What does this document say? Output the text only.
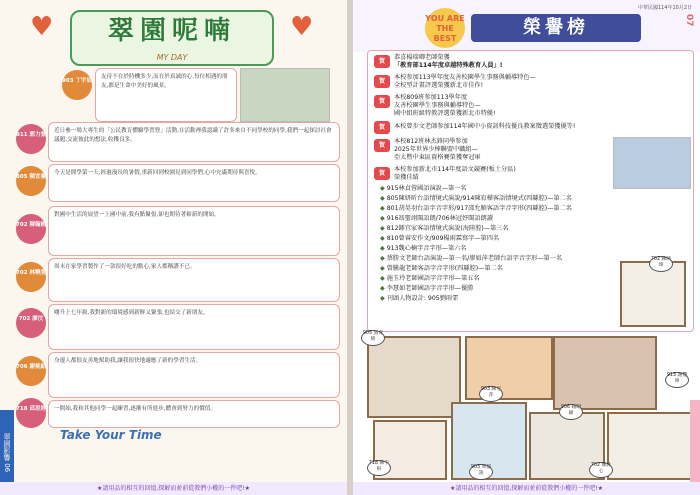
♥	♥
翠園呢喃
MY DAY

友待不在於時機多少,而在於真誠的心,每位相遇的朋友,都是生命中美好的風景。

903 丁宇辰

近日參一場大專生的「公民教育體驗學習營」活動,在活動裡我認識了許多來自不同學校的同學,我們一起探討社會議題,交流彼此的想法,收穫良多。

811 郭力萱

今天是開學第一天,經過漫長的暑假,重新回到校園見到同學們,心中充滿期待與喜悅。

805 陳宜蓁

對國中生活的展望一上國中前,我有點緊張,卻也期待著嶄新的開始。

702 陳翰國

周末在家學習製作了一款很好吃的點心,家人都稱讚不已。

702 林曉雯

剛升上七年級,我對新的環境感到新鮮又緊張,也結交了新朋友。

702 廖汶

身邊人都很友善地幫助我,讓我很快地適應了新的學習生活。

706 謝桃銘

一開始,我和其他同學一起練習,逐漸有所進步,體會到努力的價值。

718 邱思婷
Take Your Time
翠園影響 06
★請用品的相互的回憶,探解而並前從教們小權的一件吧!★
YOU ARE THE BEST
榮譽榜
中華民國114年10月2日
07
賀
恭喜楊瑞卿老師榮獲
「教育部114年度卓越特殊教育人員」!
賀
本校参加113學年度友善校園學生事務與輔導特色—
全校型計畫評選榮獲新北市佳作!
賀
本校809班参加113學年度
友善校園學生事務與輔導特色—
國中組班級特教評選榮獲新北市特優!
賀	本校曾步文老師参加114年國中小資訊科技優良教案徵選榮獲優等!
賀
本校812班林杰鋒同學参加
2025年世界少棒聯盟中職組—
亞太暨中東區資格賽榮獲奪冠軍
賀
本校参加新北市114年度語文競賽(板土分區)
榮獲佳績
◆ 915林貞蓉國語演說—第一名
◆ 805陳妍昕台語情境式演說/914陳宥樺客語情境式(四縣腔)—第二名
◆ 801胡昊羽台語字音字形/917邵允順客語字音字形(四縣腔)—第二名
◆ 916馮聖翊閩語朗/706林冠妤閩語朗讀
◆ 812鍾宜家客語情境式演說(海陸腔)—第三名
◆ 810曾睿安作文/909楊雨霖寫字—第四名
◆ 913魏心楠字音字形—第六名
◆ 蔡勝文老師台語演說—第一名/廖如萍老師台語字音字形—第一名
◆ 曾騰龍老師客語字音字形(四縣腔)—第二名
◆ 施玉玲老師國語字音字形—第五名
◆ 李慧如老師國語字音字形—優勝
◆ 刊頭人物設計: 905劉雨霏
905 張育綺
702 陳映瑋
903 陳昱萍
906 賴昭穎
913 謝豐瑋
718 陳宇喧	903 周郁凌
702 鄭詠心
★請用品的相互的回憶,探解而並前從教們小權的一件吧!★
